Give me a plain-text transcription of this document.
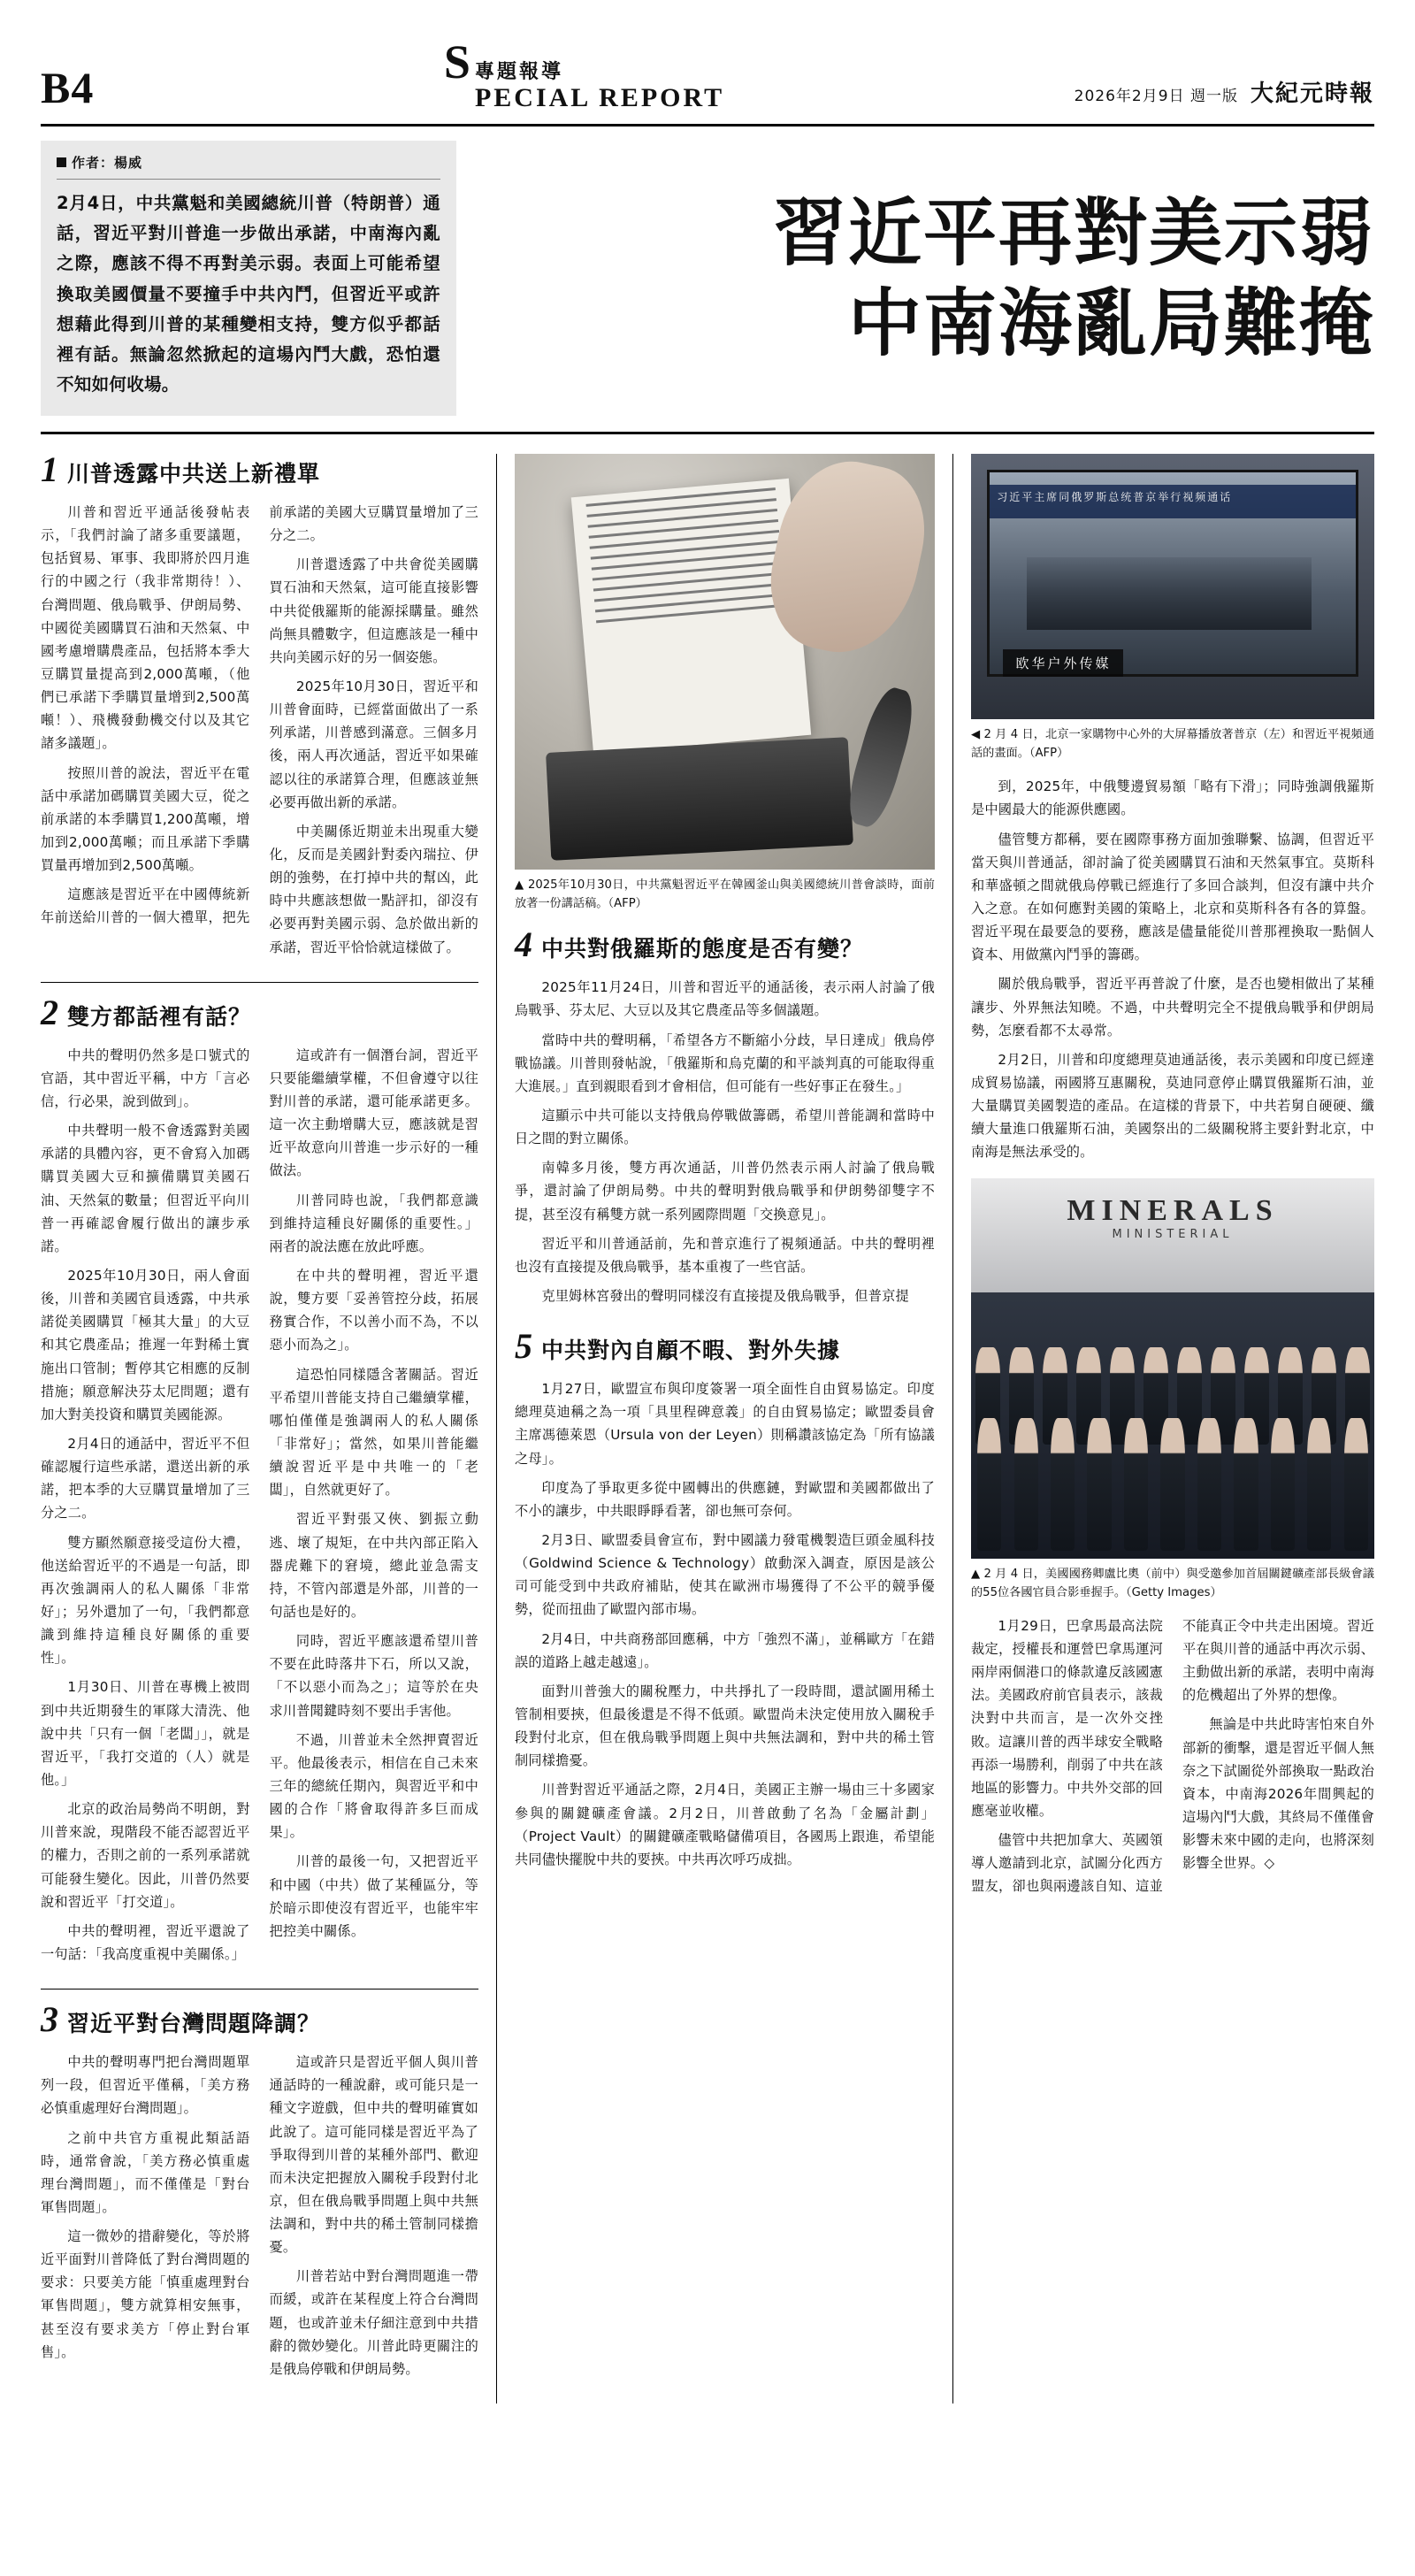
B4	S 專題報導
PECIAL REPORT	2026年2月9日 週一版 大紀元時報
作者：楊威
2月4日，中共黨魁和美國總統川普（特朗普）通話，習近平對川普進一步做出承諾，中南海內亂之際，應該不得不再對美示弱。表面上可能希望換取美國價量不要撞手中共內鬥，但習近平或許想藉此得到川普的某種變相支持，雙方似乎都話裡有話。無論忽然掀起的這場內鬥大戲，恐怕還不知如何收場。
習近平再對美示弱
中南海亂局難掩
1 川普透露中共送上新禮單

川普和習近平通話後發帖表示，「我們討論了諸多重要議題，包括貿易、軍事、我即將於四月進行的中國之行（我非常期待！）、台灣問題、俄烏戰爭、伊朗局勢、中國從美國購買石油和天然氣、中國考慮增購農產品，包括將本季大豆購買量提高到2,000萬噸，（他們已承諾下季購買量增到2,500萬噸！）、飛機發動機交付以及其它諸多議題」。

按照川普的說法，習近平在電話中承諾加碼購買美國大豆，從之前承諾的本季購買1,200萬噸，增加到2,000萬噸；而且承諾下季購買量再增加到2,500萬噸。

這應該是習近平在中國傳統新年前送給川普的一個大禮單，把先前承諾的美國大豆購買量增加了三分之二。

川普還透露了中共會從美國購買石油和天然氣，這可能直接影響中共從俄羅斯的能源採購量。雖然尚無具體數字，但這應該是一種中共向美國示好的另一個姿態。

2025年10月30日，習近平和川普會面時，已經當面做出了一系列承諾，川普感到滿意。三個多月後，兩人再次通話，習近平如果確認以往的承諾算合理，但應該並無必要再做出新的承諾。

中美關係近期並未出現重大變化，反而是美國針對委內瑞拉、伊朗的強勢，在打掉中共的幫凶，此時中共應該想做一點評扣，卻沒有必要再對美國示弱、急於做出新的承諾，習近平恰恰就這樣做了。

2 雙方都話裡有話？

中共的聲明仍然多是口號式的官語，其中習近平稱，中方「言必信，行必果，說到做到」。

中共聲明一般不會透露對美國承諾的具體內容，更不會寫入加碼購買美國大豆和擴備購買美國石油、天然氣的數量；但習近平向川普一再確認會履行做出的讓步承諾。

2025年10月30日，兩人會面後，川普和美國官員透露，中共承諾從美國購買「極其大量」的大豆和其它農產品；推遲一年對稀土實施出口管制；暫停其它相應的反制措施；願意解決芬太尼問題；還有加大對美投資和購買美國能源。

2月4日的通話中，習近平不但確認履行這些承諾，還送出新的承諾，把本季的大豆購買量增加了三分之二。

雙方顯然願意接受這份大禮，他送給習近平的不過是一句話，即再次強調兩人的私人關係「非常好」；另外還加了一句，「我們都意識到維持這種良好關係的重要性」。

1月30日、川普在專機上被問到中共近期發生的軍隊大清洗、他說中共「只有一個「老闆」」，就是習近平，「我打交道的（人）就是他。」

北京的政治局勢尚不明朗，對川普來說，現階段不能否認習近平的權力，否則之前的一系列承諾就可能發生變化。因此，川普仍然要說和習近平「打交道」。

中共的聲明裡，習近平還說了一句話：「我高度重視中美關係。」

這或許有一個潛台詞，習近平只要能繼續掌權，不但會遵守以往對川普的承諾，還可能承諾更多。這一次主動增購大豆，應該就是習近平故意向川普進一步示好的一種做法。

川普同時也說，「我們都意識到維持這種良好關係的重要性。」兩者的說法應在放此呼應。

在中共的聲明裡，習近平還說，雙方要「妥善管控分歧，拓展務實合作，不以善小而不為，不以惡小而為之」。

這恐怕同樣隱含著關話。習近平希望川普能支持自己繼續掌權，哪怕僅僅是強調兩人的私人關係「非常好」；當然，如果川普能繼續說習近平是中共唯一的「老闆」，自然就更好了。

習近平對張又俠、劉振立動逃、壞了規矩，在中共內部正陷入器虎難下的窘境，總此並急需支持，不管內部還是外部，川普的一句話也是好的。

同時，習近平應該還希望川普不要在此時落井下石，所以又說，「不以惡小而為之」；這等於在央求川普聞鍵時刻不要出手害他。

不過，川普並未全然押賣習近平。他最後表示，相信在自己未來三年的總統任期內，與習近平和中國的合作「將會取得許多巨而成果」。

川普的最後一句，又把習近平和中國（中共）做了某種區分，等於暗示即使沒有習近平，也能牢牢把控美中關係。

3 習近平對台灣問題降調？

中共的聲明專門把台灣問題單列一段，但習近平僅稱，「美方務必慎重處理好台灣問題」。

之前中共官方重視此類話語時，通常會說，「美方務必慎重處理台灣問題」，而不僅僅是「對台軍售問題」。

這一微妙的措辭變化，等於將近平面對川普降低了對台灣問題的要求：只要美方能「慎重處理對台軍售問題」，雙方就算相安無事，甚至沒有要求美方「停止對台軍售」。

這或許只是習近平個人與川普通話時的一種說辭，或可能只是一種文字遊戲，但中共的聲明確實如此說了。這可能同樣是習近平為了爭取得到川普的某種外部門、歡迎而未決定把握放入關稅手段對付北京，但在俄烏戰爭問題上與中共無法調和，對中共的稀土管制同樣擔憂。

川普若站中對台灣問題進一帶而緩，或許在某程度上符合台灣問題，也或許並未仔細注意到中共措辭的微妙變化。川普此時更關注的是俄烏停戰和伊朗局勢。

▲ 2025年10月30日，中共黨魁習近平在韓國釜山與美國總統川普會談時，面前放著一份講話稿。（AFP）
4 中共對俄羅斯的態度是否有變？

2025年11月24日，川普和習近平的通話後，表示兩人討論了俄烏戰爭、芬太尼、大豆以及其它農產品等多個議題。

當時中共的聲明稱，「希望各方不斷縮小分歧，早日達成」俄烏停戰協議。川普則發帖說，「俄羅斯和烏克蘭的和平談判真的可能取得重大進展。」直到親眼看到才會相信，但可能有一些好事正在發生。」

這顯示中共可能以支持俄烏停戰做籌碼，希望川普能調和當時中日之間的對立關係。

南韓多月後，雙方再次通話，川普仍然表示兩人討論了俄烏戰爭，還討論了伊朗局勢。中共的聲明對俄烏戰爭和伊朗勢卻雙字不提，甚至沒有稱雙方就一系列國際問題「交換意見」。

習近平和川普通話前，先和普京進行了視頻通話。中共的聲明裡也沒有直接提及俄烏戰爭，基本重複了一些官話。

克里姆林宮發出的聲明同樣沒有直接提及俄烏戰爭，但普京提

5 中共對內自顧不暇、對外失據

1月27日，歐盟宣布與印度簽署一項全面性自由貿易協定。印度總理莫迪稱之為一項「具里程碑意義」的自由貿易協定；歐盟委員會主席馮德萊恩（Ursula von der Leyen）則稱讚該協定為「所有協議之母」。

印度為了爭取更多從中國轉出的供應鏈，對歐盟和美國都做出了不小的讓步，中共眼睜睜看著，卻也無可奈何。

2月3日、歐盟委員會宣布，對中國議力發電機製造巨頭金風科技（Goldwind Science & Technology）啟動深入調查，原因是該公司可能受到中共政府補貼，使其在歐洲市場獲得了不公平的競爭優勢，從而扭曲了歐盟內部市場。

2月4日，中共商務部回應稱，中方「強烈不滿」，並稱歐方「在錯誤的道路上越走越遠」。

面對川普強大的關稅壓力，中共掙扎了一段時間，還試圖用稀土管制相要挾，但最後還是不得不低頭。歐盟尚未決定使用放入關稅手段對付北京，但在俄烏戰爭問題上與中共無法調和，對中共的稀土管制同樣擔憂。

川普對習近平通話之際，2月4日，美國正主辦一場由三十多國家參與的關鍵礦產會議。2月2日，川普啟動了名為「金屬計劃」（Project Vault）的關鍵礦產戰略儲備項目，各國馬上跟進，希望能共同儘快擺脫中共的要挾。中共再次呼巧成拙。

习近平主席同俄罗斯总统普京举行视频通话
欧华户外传媒
◀ 2 月 4 日，北京一家購物中心外的大屏幕播放著普京（左）和習近平視頻通話的畫面。（AFP）

到，2025年，中俄雙邊貿易額「略有下滑」；同時強調俄羅斯是中國最大的能源供應國。

儘管雙方都稱，要在國際事務方面加強聯繫、協調，但習近平當天與川普通話，卻討論了從美國購買石油和天然氣事宜。莫斯科和華盛頓之間就俄烏停戰已經進行了多回合談判，但沒有讓中共介入之意。在如何應對美國的策略上，北京和莫斯科各有各的算盤。習近平現在最要急的要務，應該是儘量能從川普那裡換取一點個人資本、用做黨內鬥爭的籌碼。

關於俄烏戰爭，習近平再普說了什麼，是否也變相做出了某種讓步、外界無法知曉。不過，中共聲明完全不提俄烏戰爭和伊朗局勢，怎麼看都不太尋常。

2月2日，川普和印度總理莫迪通話後，表示美國和印度已經達成貿易協議，兩國將互惠關稅，莫迪同意停止購買俄羅斯石油，並大量購買美國製造的產品。在這樣的背景下，中共若舅自硬硬、纖續大量進口俄羅斯石油，美國祭出的二級關稅將主要針對北京，中南海是無法承受的。

MINERALS
MINISTERIAL
▲ 2 月 4 日，美國國務卿盧比奧（前中）與受邀參加首屆關鍵礦產部長級會議的55位各國官員合影垂握手。（Getty Images）

1月29日，巴拿馬最高法院裁定，授權長和運營巴拿馬運河兩岸兩個港口的條款違反該國憲法。美國政府前官員表示，該裁決對中共而言，是一次外交挫敗。這讓川普的西半球安全戰略再添一場勝利，削弱了中共在該地區的影響力。中共外交部的回應毫並收權。

儘管中共把加拿大、英國領導人邀請到北京，試圖分化西方盟友，卻也與兩邊該自知、這並不能真正令中共走出困境。習近平在與川普的通話中再次示弱、主動做出新的承諾，表明中南海的危機超出了外界的想像。

無論是中共此時害怕來自外部新的衝擊，還是習近平個人無奈之下試圖從外部換取一點政治資本，中南海2026年間興起的這場內鬥大戲，其終局不僅僅會影響未來中國的走向，也將深刻影響全世界。◇
